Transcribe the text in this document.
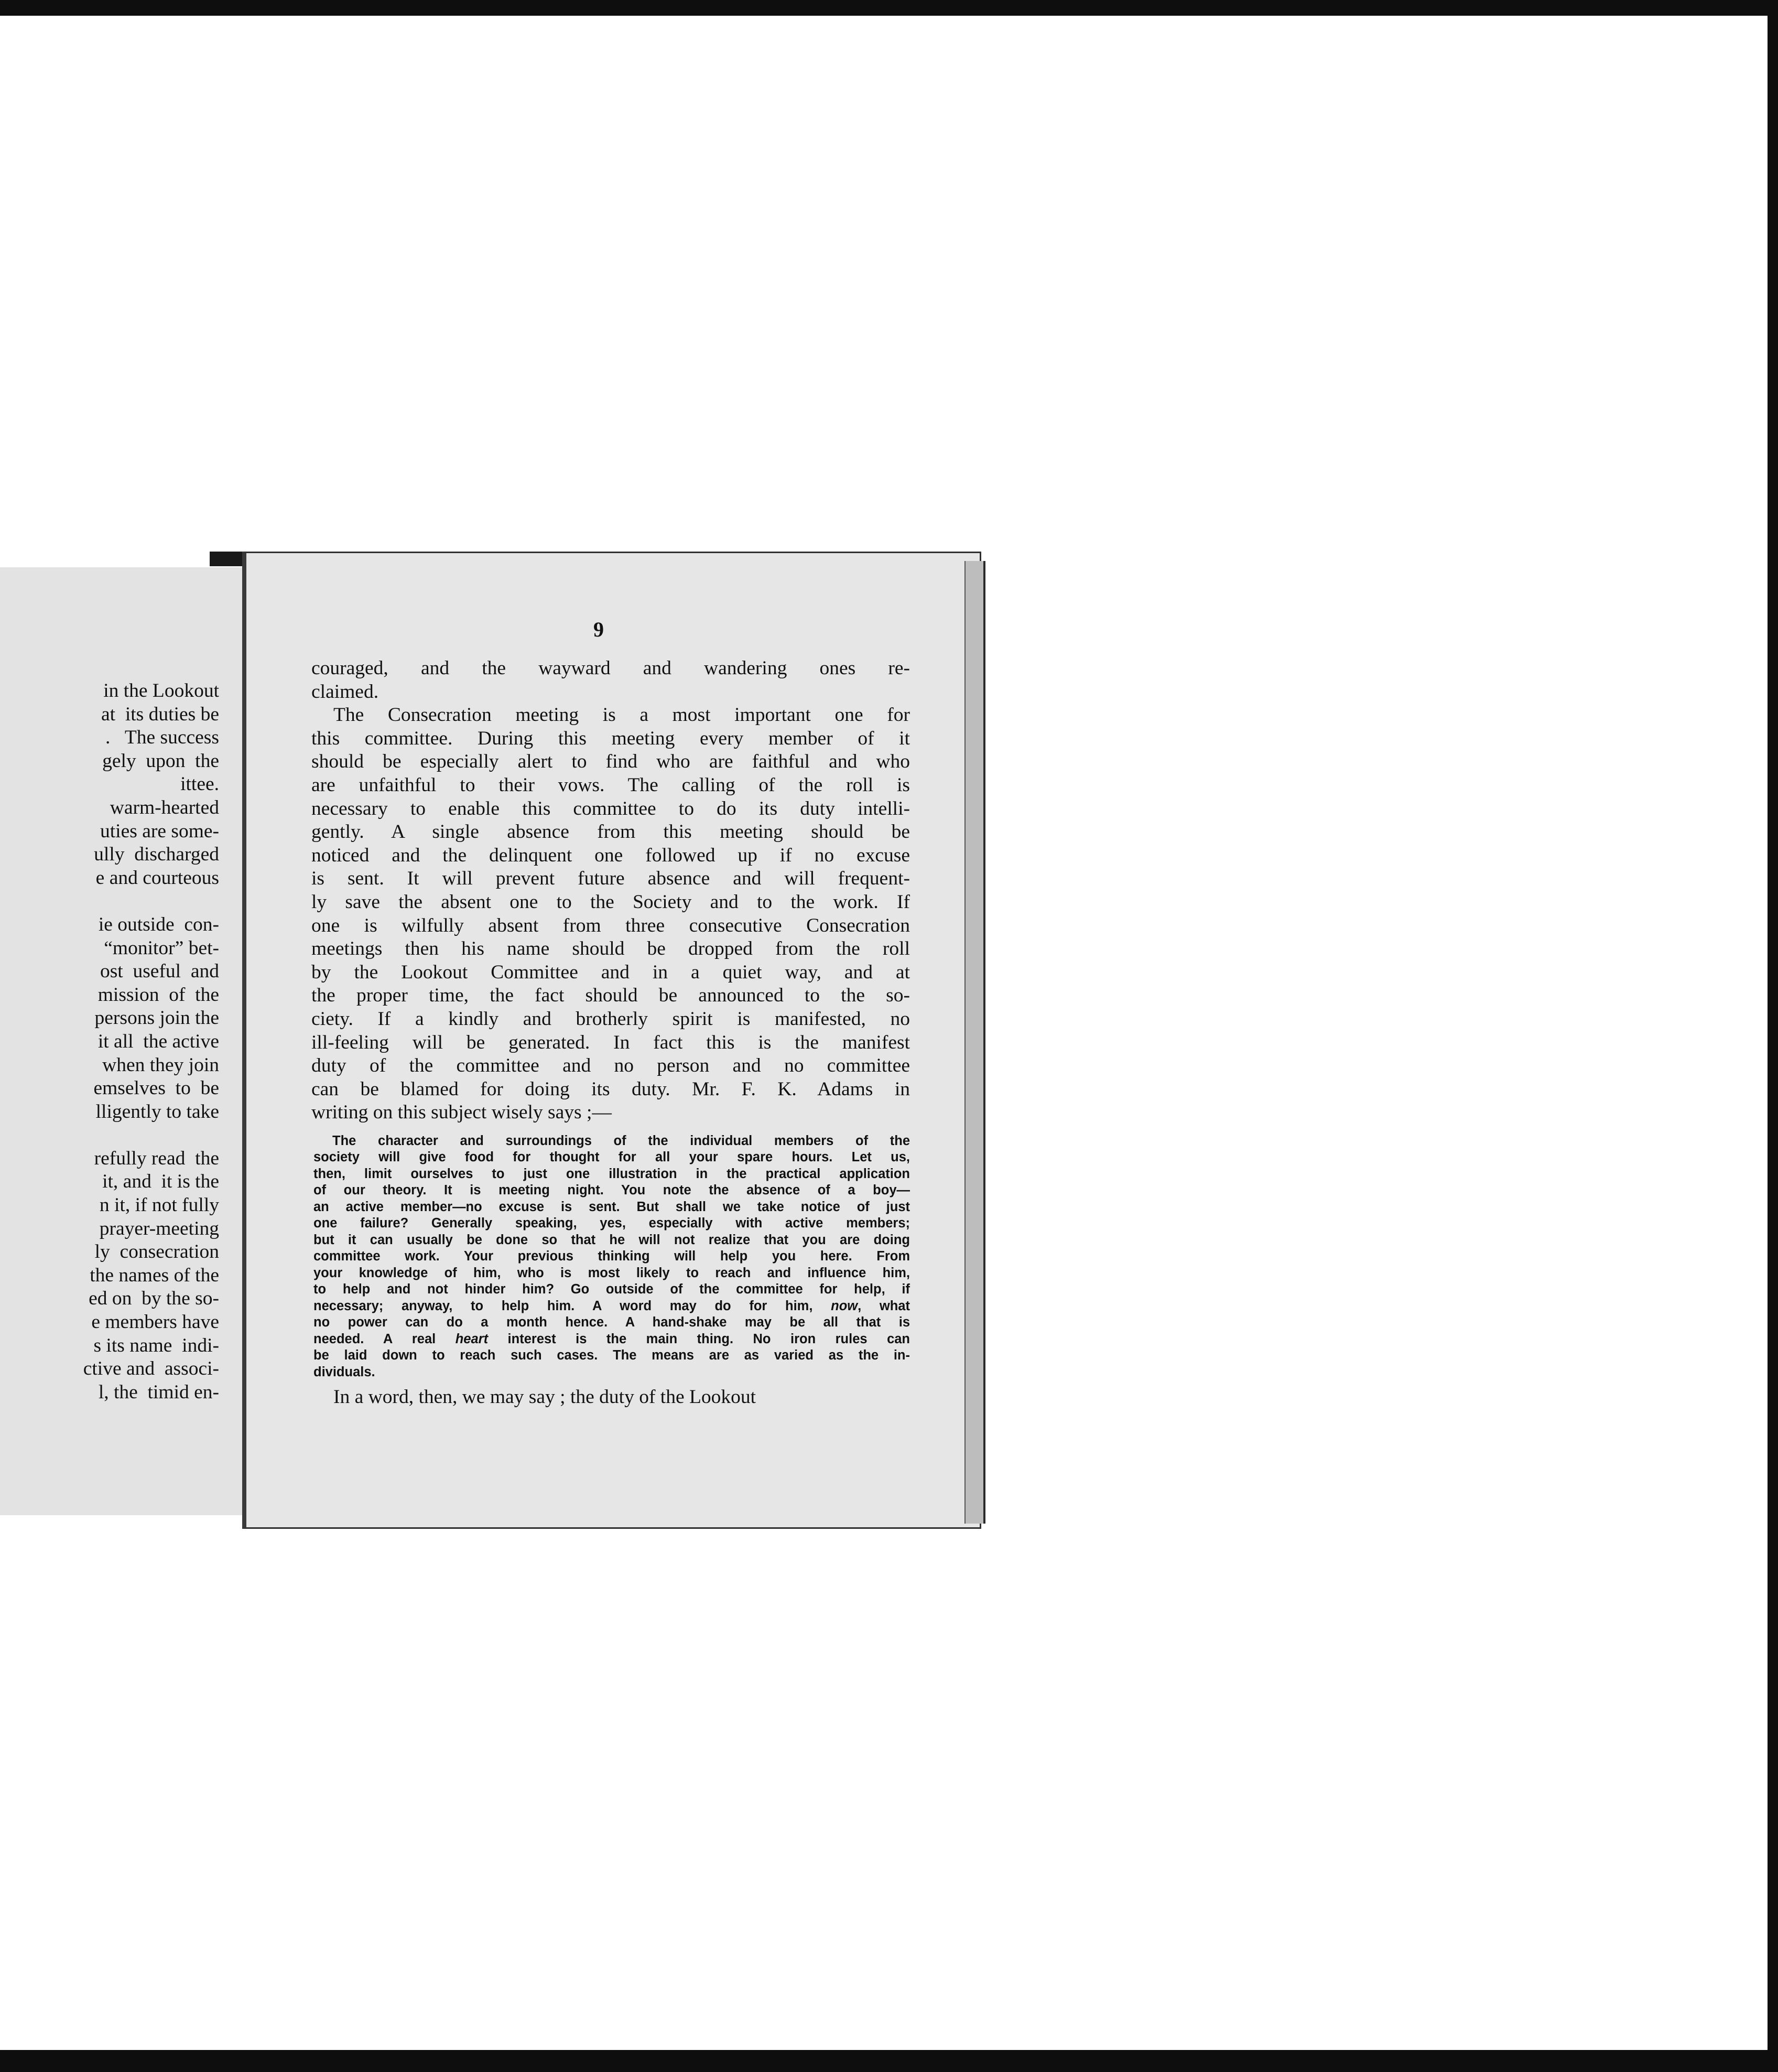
in the Lookout
at  its duties be
.   The success
gely  upon  the
ittee.
warm-hearted
uties are some-
ully  discharged
e and courteous

ie outside  con-
“monitor” bet-
ost  useful  and
mission  of  the
persons join the
it all  the active
when they join
emselves  to  be
lligently to take

refully read  the
it, and  it is the
n it, if not fully
prayer-meeting
ly  consecration
the names of the
ed on  by the so-
e members have
s its name  indi-
ctive and  associ-
l, the  timid en-
9

couraged, and the wayward and wandering ones re-
claimed.

The Consecration meeting is a most important one for
this committee. During this meeting every member of it
should be especially alert to find who are faithful and who
are unfaithful to their vows. The calling of the roll is
necessary to enable this committee to do its duty intelli-
gently. A single absence from this meeting should be
noticed and the delinquent one followed up if no excuse
is sent. It will prevent future absence and will frequent-
ly save the absent one to the Society and to the work. If
one is wilfully absent from three consecutive Consecration
meetings then his name should be dropped from the roll
by the Lookout Committee and in a quiet way, and at
the proper time, the fact should be announced to the so-
ciety. If a kindly and brotherly spirit is manifested, no
ill-feeling will be generated. In fact this is the manifest
duty of the committee and no person and no committee
can be blamed for doing its duty. Mr. F. K. Adams in
writing on this subject wisely says ;—

The character and surroundings of the individual members of the
society will give food for thought for all your spare hours. Let us,
then, limit ourselves to just one illustration in the practical application
of our theory. It is meeting night. You note the absence of a boy—
an active member—no excuse is sent. But shall we take notice of just
one failure? Generally speaking, yes, especially with active members;
but it can usually be done so that he will not realize that you are doing
committee work. Your previous thinking will help you here. From
your knowledge of him, who is most likely to reach and influence him,
to help and not hinder him? Go outside of the committee for help, if
necessary; anyway, to help him. A word may do for him, now, what
no power can do a month hence. A hand-shake may be all that is
needed. A real heart interest is the main thing. No iron rules can
be laid down to reach such cases. The means are as varied as the in-
dividuals.

In a word, then, we may say ; the duty of the Lookout
